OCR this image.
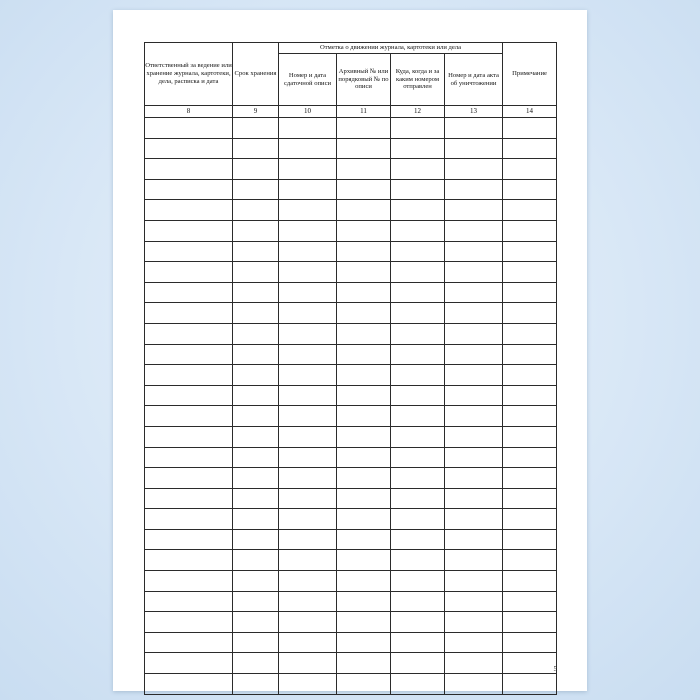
Ответственный за ведение или хранение журнала, картотеки, дела, расписка и дата	Срок хранения	Отметка о движении журнала, картотеки или дела				Примечание
		Номер и дата сдаточной описи	Архивный № или порядковый № по описи	Куда, когда и за каким номером отправлен	Номер и дата акта об уничтожении	
8	9	10	11	12	13	14

5
